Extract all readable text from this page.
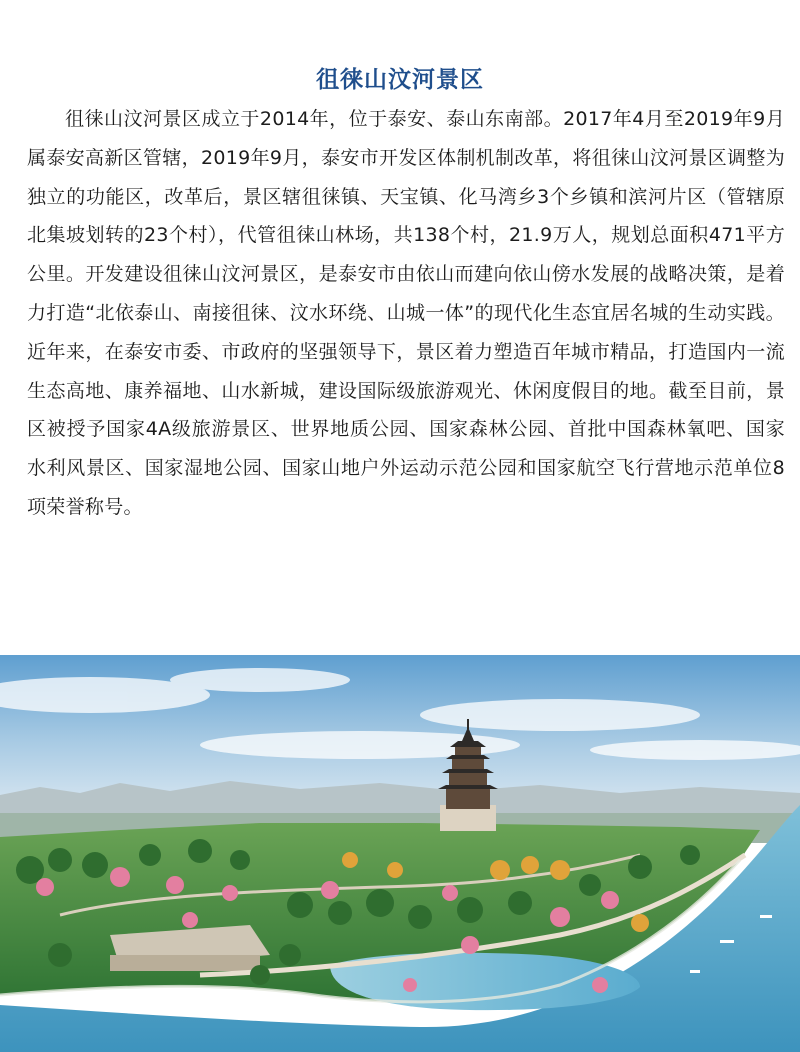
徂徕山汶河景区

徂徕山汶河景区成立于2014年，位于泰安、泰山东南部。2017年4月至2019年9月属泰安高新区管辖，2019年9月，泰安市开发区体制机制改革，将徂徕山汶河景区调整为独立的功能区，改革后，景区辖徂徕镇、天宝镇、化马湾乡3个乡镇和滨河片区（管辖原北集坡划转的23个村），代管徂徕山林场，共138个村，21.9万人，规划总面积471平方公里。开发建设徂徕山汶河景区，是泰安市由依山而建向依山傍水发展的战略决策，是着力打造“北依泰山、南接徂徕、汶水环绕、山城一体”的现代化生态宜居名城的生动实践。近年来，在泰安市委、市政府的坚强领导下，景区着力塑造百年城市精品，打造国内一流生态高地、康养福地、山水新城，建设国际级旅游观光、休闲度假目的地。截至目前，景区被授予国家4A级旅游景区、世界地质公园、国家森林公园、首批中国森林氧吧、国家水利风景区、国家湿地公园、国家山地户外运动示范公园和国家航空飞行营地示范单位8项荣誉称号。
